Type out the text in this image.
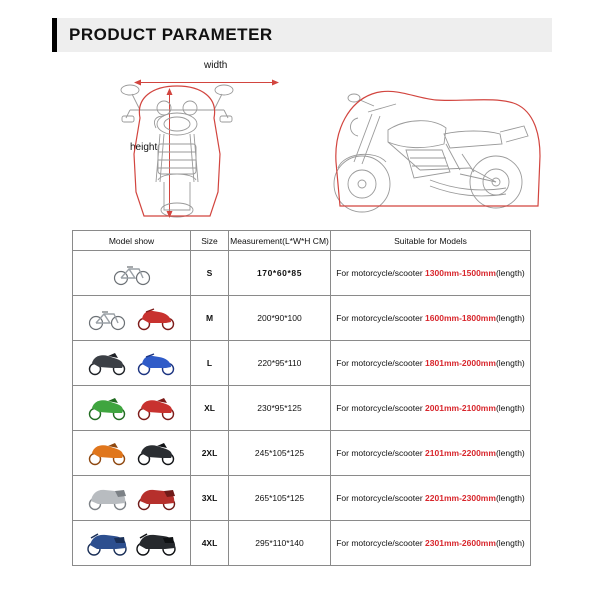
PRODUCT PARAMETER
width
height
Model show	Size	Measurement(L*W*H CM)	Suitable for Models

	S	170*60*85	For motorcycle/scooter 1300mm-1500mm(length)

	M	200*90*100	For motorcycle/scooter 1600mm-1800mm(length)

	L	220*95*110	For motorcycle/scooter 1801mm-2000mm(length)

	XL	230*95*125	For motorcycle/scooter 2001mm-2100mm(length)

	2XL	245*105*125	For motorcycle/scooter 2101mm-2200mm(length)

	3XL	265*105*125	For motorcycle/scooter 2201mm-2300mm(length)

	4XL	295*110*140	For motorcycle/scooter 2301mm-2600mm(length)
